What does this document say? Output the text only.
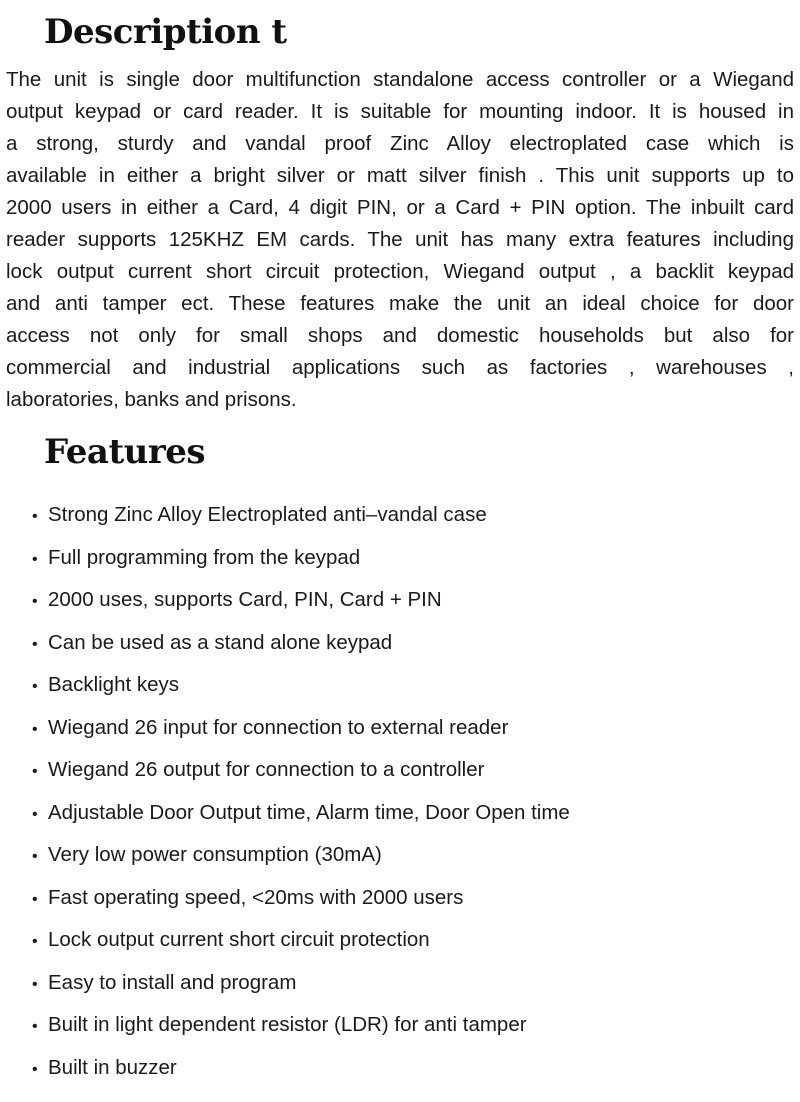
Description t
The unit is single door multifunction standalone access controller or a Wiegand
output keypad or card reader. It is suitable for mounting indoor. It is housed in
a strong, sturdy and vandal proof Zinc Alloy electroplated case which is
available in either a bright silver or matt silver finish . This unit supports up to
2000 users in either a Card, 4 digit PIN, or a Card + PIN option. The inbuilt card
reader supports 125KHZ EM cards. The unit has many extra features including
lock output current short circuit protection, Wiegand output , a backlit keypad
and anti tamper ect. These features make the unit an ideal choice for door
access not only for small shops and domestic households but also for
commercial and industrial applications such as factories , warehouses ,
laboratories, banks and prisons.
Features
• Strong Zinc Alloy Electroplated anti–vandal case
• Full programming from the keypad
• 2000 uses, supports Card, PIN, Card + PIN
• Can be used as a stand alone keypad
• Backlight keys
• Wiegand 26 input for connection to external reader
• Wiegand 26 output for connection to a controller
• Adjustable Door Output time, Alarm time, Door Open time
• Very low power consumption (30mA)
• Fast operating speed, <20ms with 2000 users
• Lock output current short circuit protection
• Easy to install and program
• Built in light dependent resistor (LDR) for anti tamper
• Built in buzzer
